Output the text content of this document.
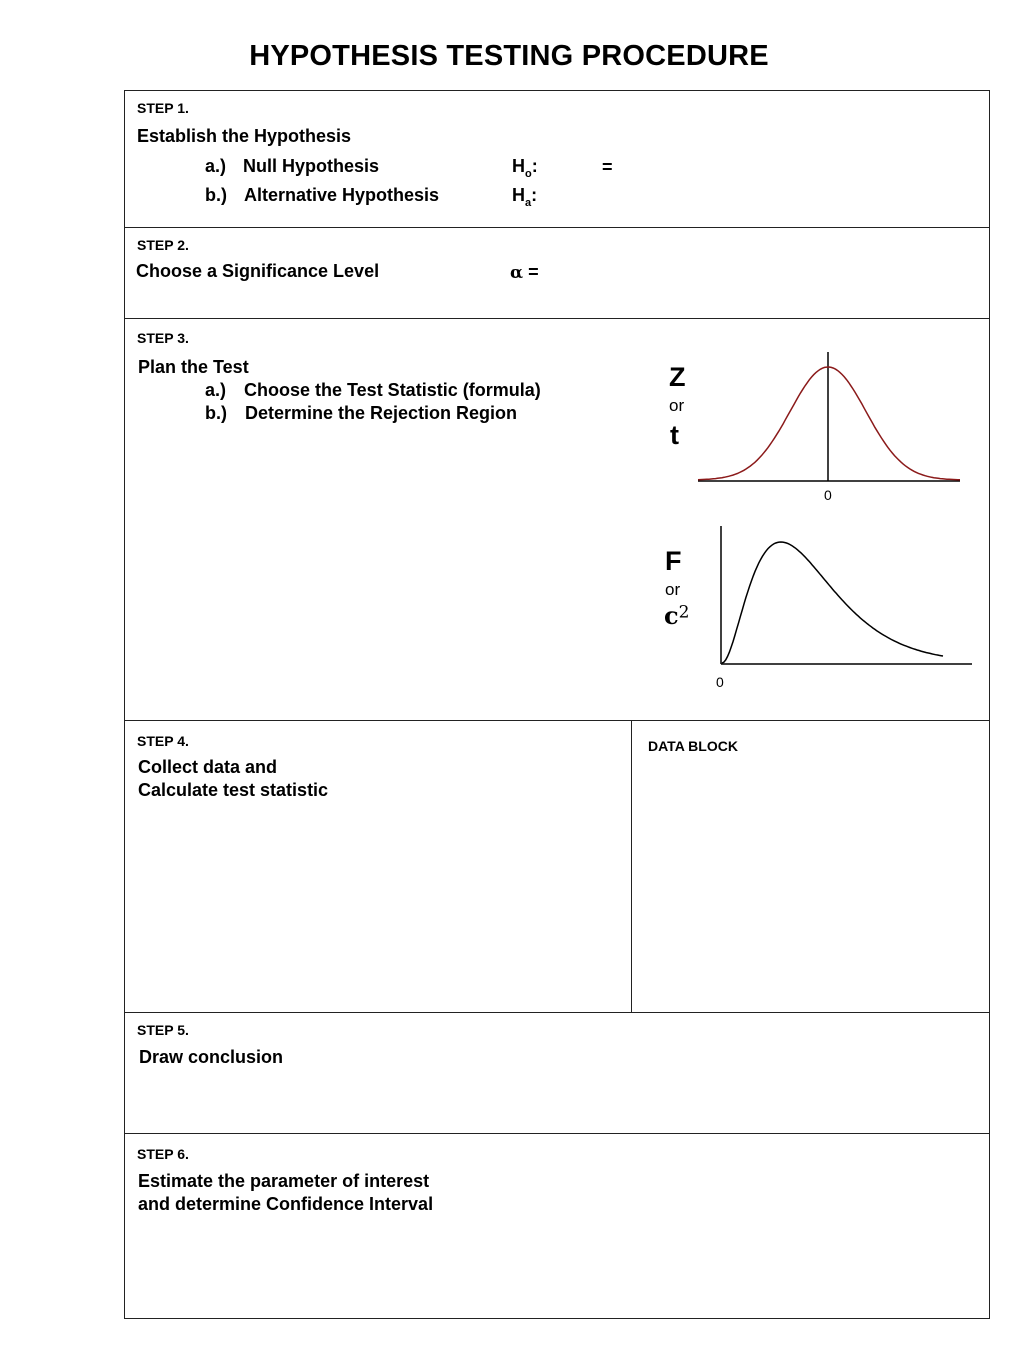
HYPOTHESIS TESTING PROCEDURE
STEP 1.
Establish the Hypothesis
a.) Null Hypothesis	$H_o$:	=
b.) Alternative Hypothesis	$H_a$:
STEP 2.
Choose a Significance Level	α =
STEP 3.
Plan the Test
a.) Choose the Test Statistic (formula)
b.) Determine the Rejection Region
Z
or
t
0
F
or
$c^2$
0
STEP 4.
Collect data and
Calculate test statistic
DATA BLOCK
STEP 5.
Draw conclusion
STEP 6.
Estimate the parameter of interest
and determine Confidence Interval
